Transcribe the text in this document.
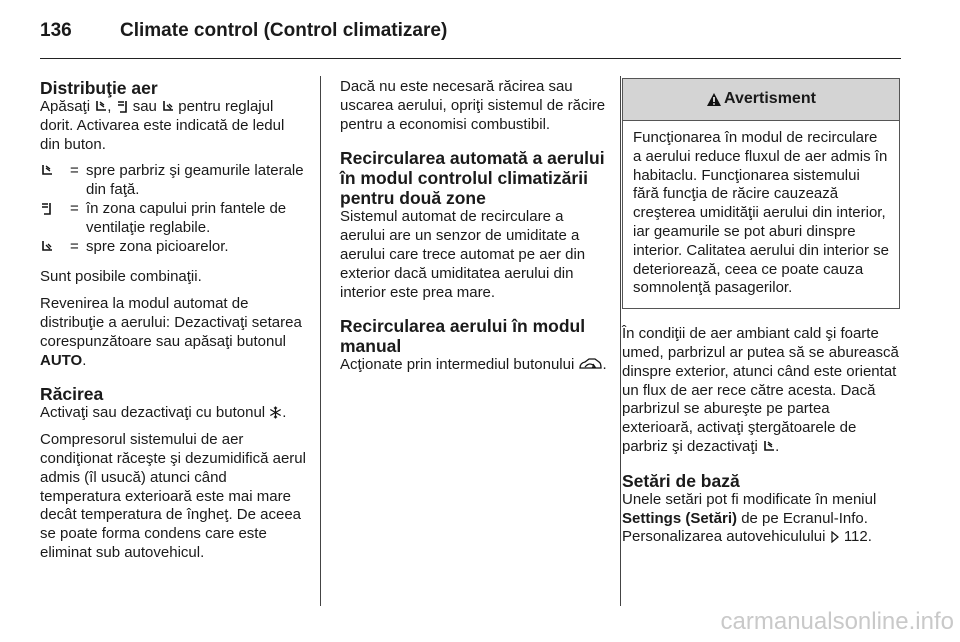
136	Climate control (Control climatizare)
Distribuţie aer

Apăsaţi ,  sau  pentru reglajul dorit. Activarea este indicată de ledul din buton.

= spre parbriz şi geamurile laterale din faţă.
= în zona capului prin fantele de ventilaţie reglabile.
= spre zona picioarelor.

Sunt posibile combinaţii.

Revenirea la modul automat de distribuţie a aerului: Dezactivaţi setarea corespunzătoare sau apăsaţi butonul AUTO.

Răcirea

Activaţi sau dezactivaţi cu butonul .

Compresorul sistemului de aer condiţionat răceşte şi dezumidifică aerul admis (îl usucă) atunci când temperatura exterioară este mai mare decât temperatura de îngheţ. De aceea se poate forma condens care este eliminat sub autovehicul.

Dacă nu este necesară răcirea sau uscarea aerului, opriţi sistemul de răcire pentru a economisi combustibil.

Recircularea automată a aerului în modul controlul climatizării pentru două zone

Sistemul automat de recirculare a aerului are un senzor de umiditate a aerului care trece automat pe aer din exterior dacă umiditatea aerului din interior este prea mare.

Recircularea aerului în modul manual

Acţionate prin intermediul butonului .

Avertisment
Funcţionarea în modul de recirculare a aerului reduce fluxul de aer admis în habitaclu. Funcţionarea sistemului fără funcţia de răcire cauzează creşterea umidităţii aerului din interior, iar geamurile se pot aburi dinspre interior. Calitatea aerului din interior se deteriorează, ceea ce poate cauza somnolenţă pasagerilor.

În condiţii de aer ambiant cald şi foarte umed, parbrizul ar putea să se aburească dinspre exterior, atunci când este orientat un flux de aer rece către acesta. Dacă parbrizul se abureşte pe partea exterioară, activaţi ştergătoarele de parbriz şi dezactivaţi .

Setări de bază

Unele setări pot fi modificate în meniul Settings (Setări) de pe Ecranul-Info. Personalizarea autovehiculului  112.

carmanualsonline.info
